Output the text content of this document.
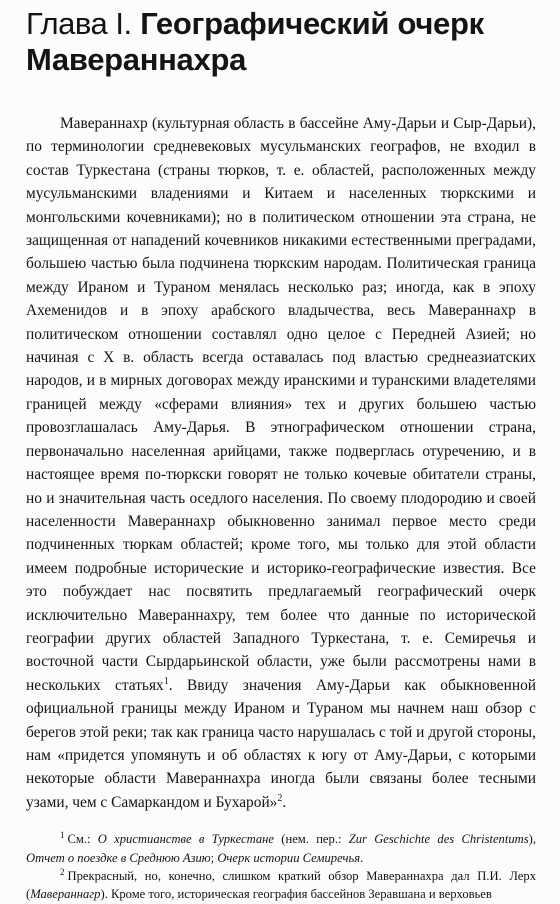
Глава I. Географический очерк Мавераннахра

Мавераннахр (культурная область в бассейне Аму-Дарьи и Сыр-Дарьи), по терминологии средневековых мусульманских географов, не входил в состав Туркестана (страны тюрков, т. е. областей, расположенных между мусульманскими владениями и Китаем и населенных тюркскими и монгольскими кочевниками); но в политическом отношении эта страна, не защищенная от нападений кочевников никакими естественными преградами, большею частью была подчинена тюркским народам. Политическая граница между Ираном и Тураном менялась несколько раз; иногда, как в эпоху Ахеменидов и в эпоху арабского владычества, весь Мавераннахр в политическом отношении составлял одно целое с Передней Азией; но начиная с X в. область всегда оставалась под властью среднеазиатских народов, и в мирных договорах между иранскими и туранскими владетелями границей между «сферами влияния» тех и других большею частью провозглашалась Аму-Дарья. В этнографическом отношении страна, первоначально населенная арийцами, также подверглась отуречению, и в настоящее время по-тюркски говорят не только кочевые обитатели страны, но и значительная часть оседлого населения. По своему плодородию и своей населенности Мавераннахр обыкновенно занимал первое место среди подчиненных тюркам областей; кроме того, мы только для этой области имеем подробные исторические и историко-географические известия. Все это побуждает нас посвятить предлагаемый географический очерк исключительно Мавераннахру, тем более что данные по исторической географии других областей Западного Туркестана, т. е. Семиречья и восточной части Сырдарьинской области, уже были рассмотрены нами в нескольких статьях$^1$. Ввиду значения Аму-Дарьи как обыкновенной официальной границы между Ираном и Тураном мы начнем наш обзор с берегов этой реки; так как граница часто нарушалась с той и другой стороны, нам «придется упомянуть и об областях к югу от Аму-Дарьи, с которыми некоторые области Мавераннахра иногда были связаны более тесными узами, чем с Самаркандом и Бухарой»$^2$.

$^1$ См.: О христианстве в Туркестане (нем. пер.: Zur Geschichte des Christentums), Отчет о поездке в Среднюю Азию; Очерк истории Семиречья.

$^2$ Прекрасный, но, конечно, слишком краткий обзор Мавераннахра дал П.И. Лерх (Мавераннагр). Кроме того, историческая география бассейнов Зеравшана и верховьев
